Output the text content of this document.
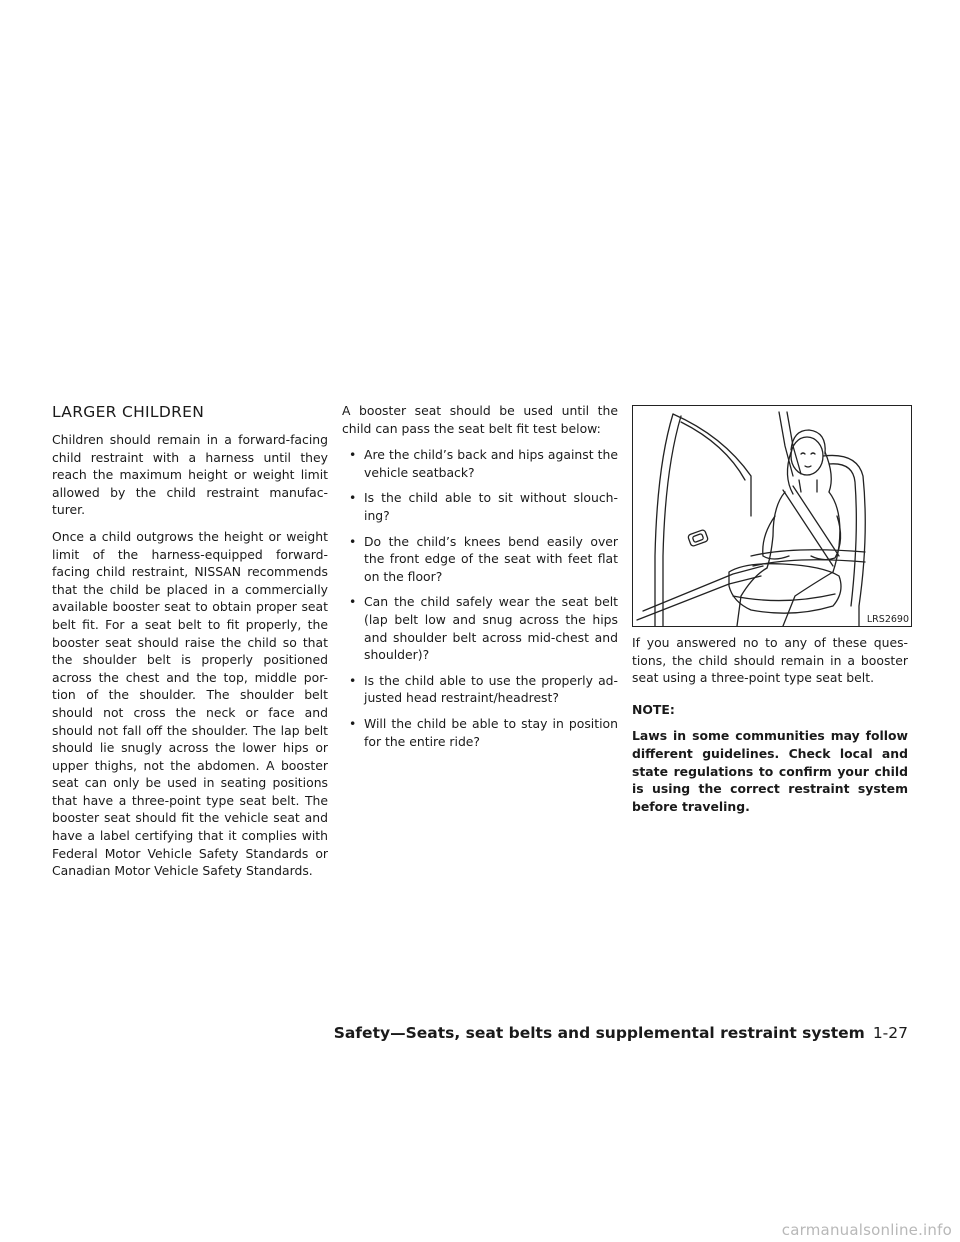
LARGER CHILDREN

Children should remain in a forward-facing child restraint with a harness until they reach the maximum height or weight limit allowed by the child restraint manufac-turer.

Once a child outgrows the height or weight limit of the harness-equipped forward-facing child restraint, NISSAN recommends that the child be placed in a commercially available booster seat to obtain proper seat belt fit. For a seat belt to fit properly, the booster seat should raise the child so that the shoulder belt is properly positioned across the chest and the top, middle por-tion of the shoulder. The shoulder belt should not cross the neck or face and should not fall off the shoulder. The lap belt should lie snugly across the lower hips or upper thighs, not the abdomen. A booster seat can only be used in seating positions that have a three-point type seat belt. The booster seat should fit the vehicle seat and have a label certifying that it complies with Federal Motor Vehicle Safety Standards or Canadian Motor Vehicle Safety Standards.

A booster seat should be used until the child can pass the seat belt fit test below:

• Are the child’s back and hips against the vehicle seatback?
• Is the child able to sit without slouch-ing?
• Do the child’s knees bend easily over the front edge of the seat with feet flat on the floor?
• Can the child safely wear the seat belt (lap belt low and snug across the hips and shoulder belt across mid-chest and shoulder)?
• Is the child able to use the properly ad-justed head restraint/headrest?
• Will the child be able to stay in position for the entire ride?
LRS2690

If you answered no to any of these ques-tions, the child should remain in a booster seat using a three-point type seat belt.

NOTE:

Laws in some communities may follow different guidelines. Check local and state regulations to confirm your child is using the correct restraint system before traveling.

Safety—Seats, seat belts and supplemental restraint system 1-27
carmanualsonline.info
